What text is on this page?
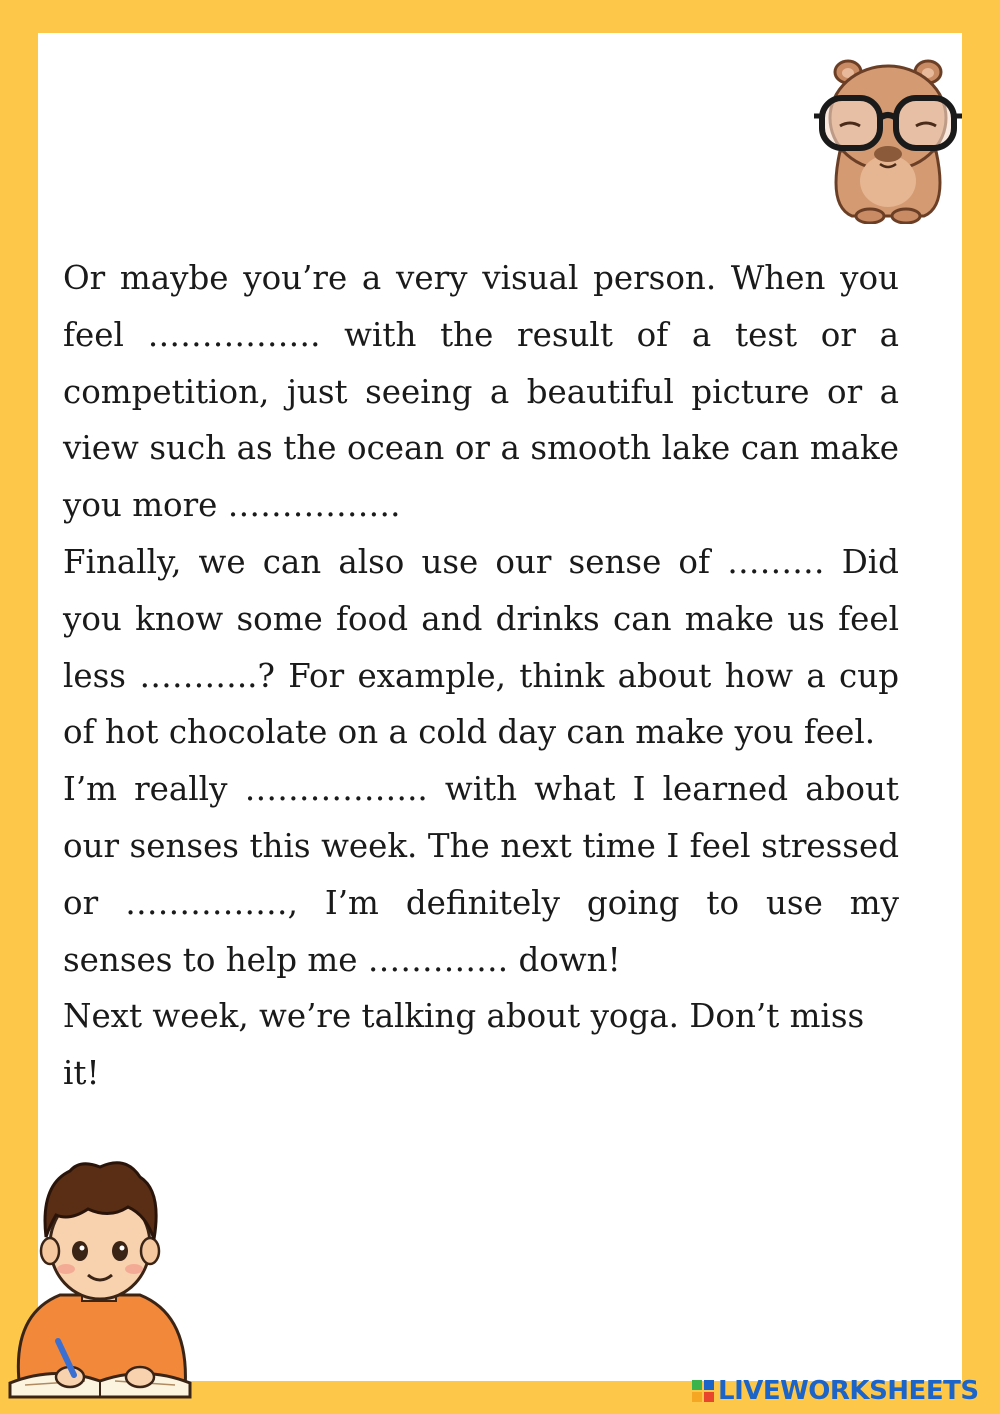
Or maybe you’re a very visual person. When you feel ……………. with the result of a test or a competition, just seeing a beautiful picture or a view such as the ocean or a smooth lake can make you more …………….

Finally, we can also use our sense of ……… Did you know some food and drinks can make us feel less ………..? For example, think about how a cup of hot chocolate on a cold day can make you feel.

I’m really …………….. with what I learned about our senses this week. The next time I feel stressed or ……………, I’m definitely going to use my senses to help me …………. down!

Next week, we’re talking about yoga. Don’t miss it!

LIVEWORKSHEETS
